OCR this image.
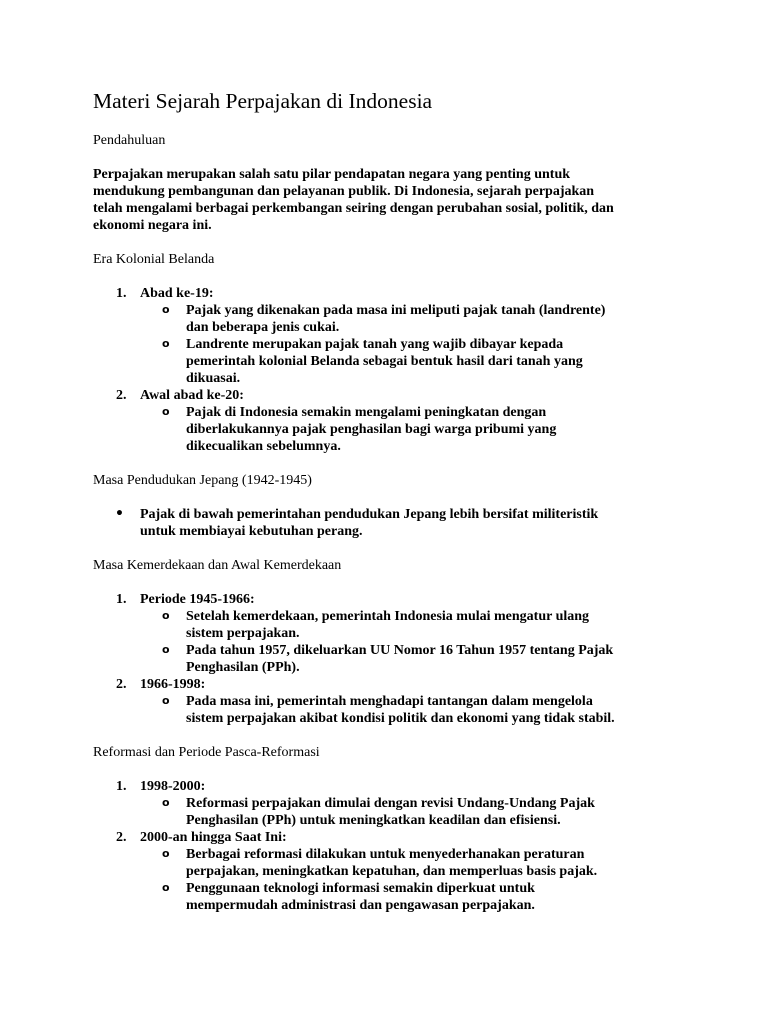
Materi Sejarah Perpajakan di Indonesia

Pendahuluan

Perpajakan merupakan salah satu pilar pendapatan negara yang penting untuk
mendukung pembangunan dan pelayanan publik. Di Indonesia, sejarah perpajakan
telah mengalami berbagai perkembangan seiring dengan perubahan sosial, politik, dan
ekonomi negara ini.

Era Kolonial Belanda

1. Abad ke-19:
o Pajak yang dikenakan pada masa ini meliputi pajak tanah (landrente)
dan beberapa jenis cukai.
o Landrente merupakan pajak tanah yang wajib dibayar kepada
pemerintah kolonial Belanda sebagai bentuk hasil dari tanah yang
dikuasai.
2. Awal abad ke-20:
o Pajak di Indonesia semakin mengalami peningkatan dengan
diberlakukannya pajak penghasilan bagi warga pribumi yang
dikecualikan sebelumnya.

Masa Pendudukan Jepang (1942-1945)

• Pajak di bawah pemerintahan pendudukan Jepang lebih bersifat militeristik
untuk membiayai kebutuhan perang.

Masa Kemerdekaan dan Awal Kemerdekaan

1. Periode 1945-1966:
o Setelah kemerdekaan, pemerintah Indonesia mulai mengatur ulang
sistem perpajakan.
o Pada tahun 1957, dikeluarkan UU Nomor 16 Tahun 1957 tentang Pajak
Penghasilan (PPh).
2. 1966-1998:
o Pada masa ini, pemerintah menghadapi tantangan dalam mengelola
sistem perpajakan akibat kondisi politik dan ekonomi yang tidak stabil.

Reformasi dan Periode Pasca-Reformasi

1. 1998-2000:
o Reformasi perpajakan dimulai dengan revisi Undang-Undang Pajak
Penghasilan (PPh) untuk meningkatkan keadilan dan efisiensi.
2. 2000-an hingga Saat Ini:
o Berbagai reformasi dilakukan untuk menyederhanakan peraturan
perpajakan, meningkatkan kepatuhan, dan memperluas basis pajak.
o Penggunaan teknologi informasi semakin diperkuat untuk
mempermudah administrasi dan pengawasan perpajakan.
